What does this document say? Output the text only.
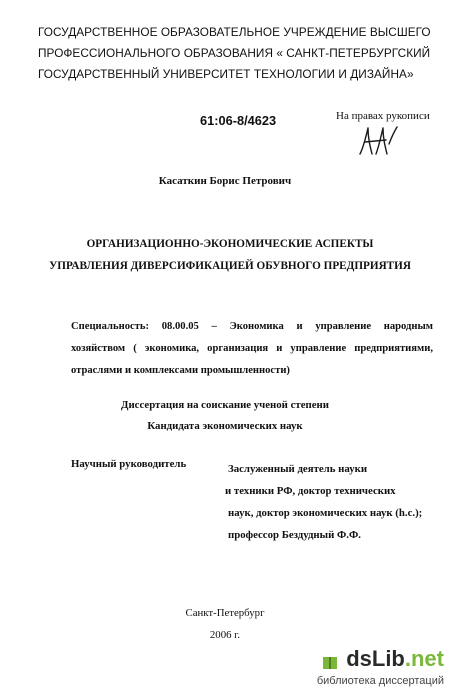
ГОСУДАРСТВЕННОЕ ОБРАЗОВАТЕЛЬНОЕ УЧРЕЖДЕНИЕ ВЫСШЕГО
ПРОФЕССИОНАЛЬНОГО ОБРАЗОВАНИЯ « САНКТ-ПЕТЕРБУРГСКИЙ
ГОСУДАРСТВЕННЫЙ УНИВЕРСИТЕТ ТЕХНОЛОГИИ И ДИЗАЙНА»
61:06-8/4623	На правах рукописи
Касаткин Борис Петрович
ОРГАНИЗАЦИОННО-ЭКОНОМИЧЕСКИЕ АСПЕКТЫ
УПРАВЛЕНИЯ ДИВЕРСИФИКАЦИЕЙ ОБУВНОГО ПРЕДПРИЯТИЯ
Специальность: 08.00.05 – Экономика и управление народным
хозяйством ( экономика, организация и управление предприятиями,
отраслями и комплексами промышленности)
Диссертация на соискание ученой степени
Кандидата экономических наук
Научный руководитель	Заслуженный деятель науки
и техники РФ, доктор технических
наук, доктор экономических наук (h.c.);
профессор Бездудный Ф.Ф.
Санкт-Петербург
2006 г.
dsLib.net
библиотека диссертаций
